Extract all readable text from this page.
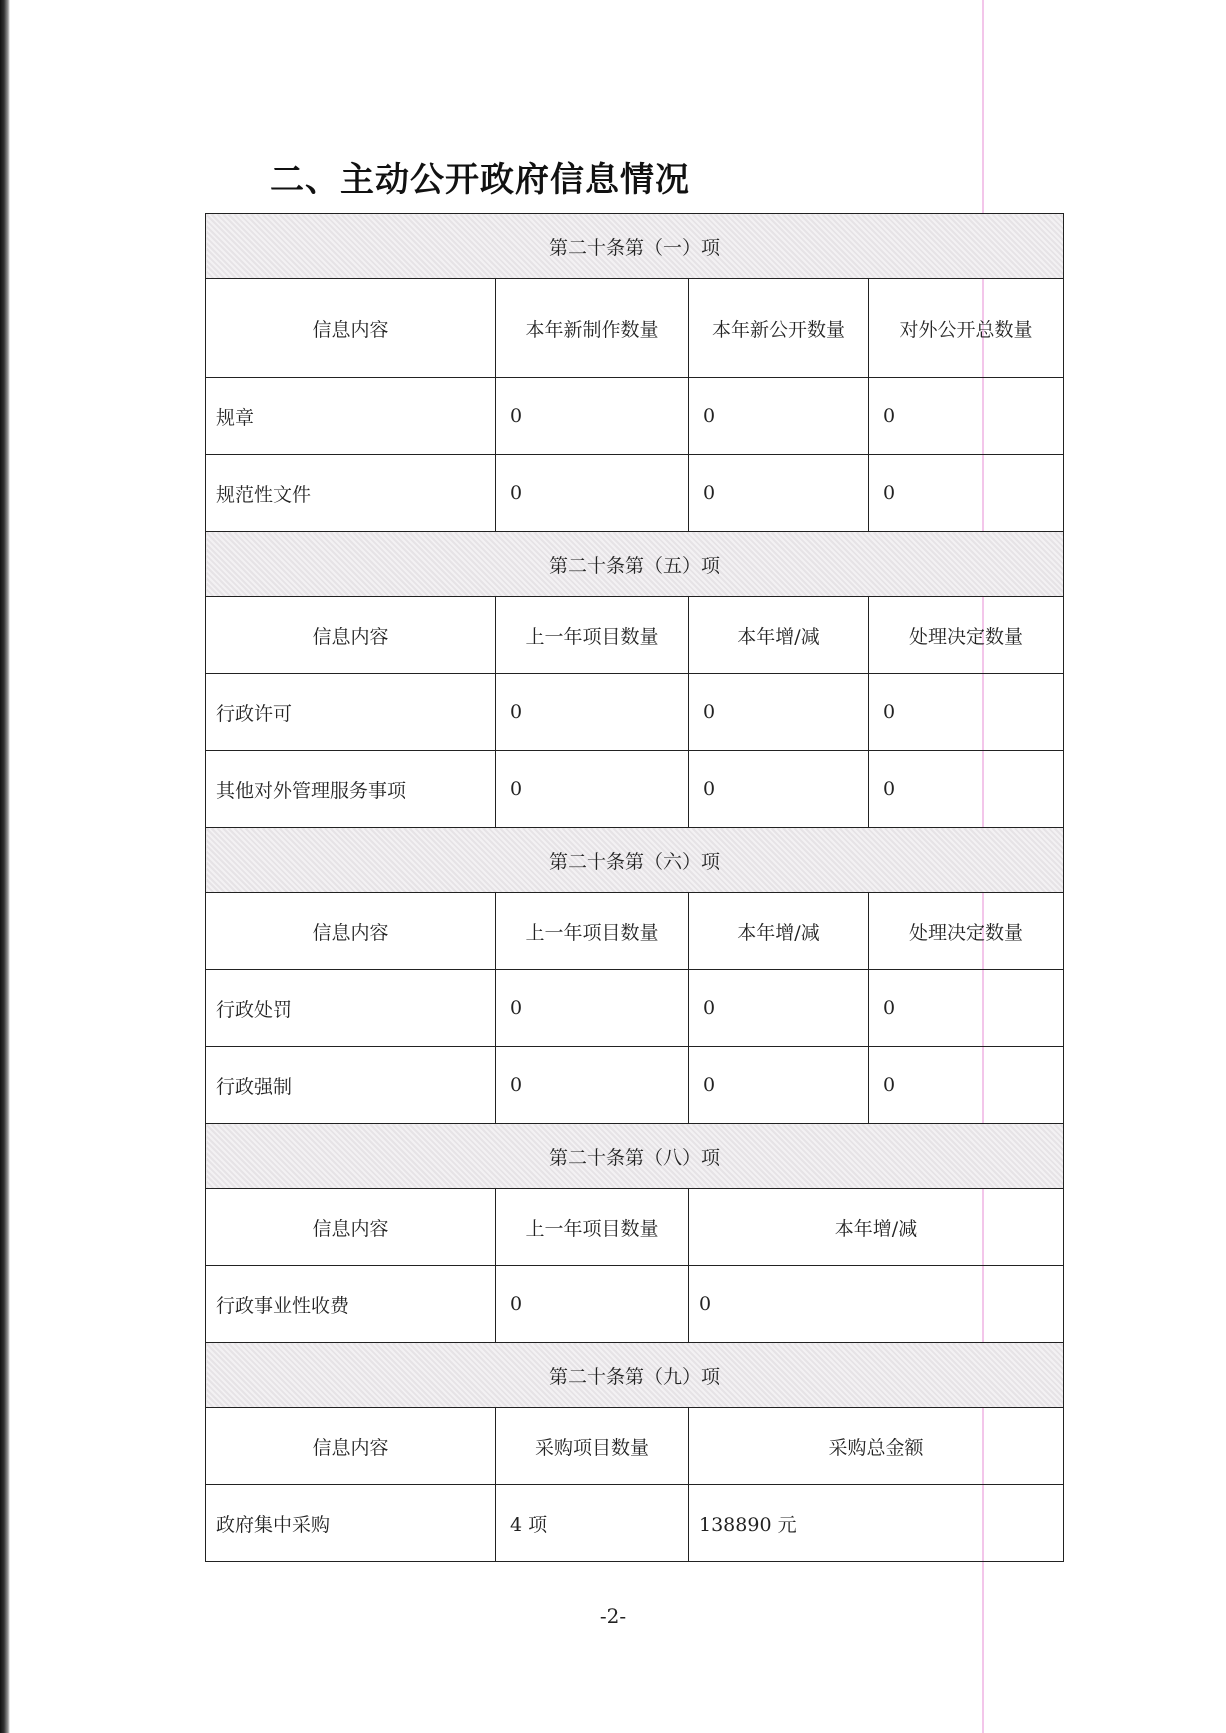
二、主动公开政府信息情况
第二十条第（一）项			
信息内容	本年新制作数量	本年新公开数量	对外公开总数量
规章	0	0	0
规范性文件	0	0	0
第二十条第（五）项			
信息内容	上一年项目数量	本年增/减	处理决定数量
行政许可	0	0	0
其他对外管理服务事项	0	0	0
第二十条第（六）项			
信息内容	上一年项目数量	本年增/减	处理决定数量
行政处罚	0	0	0
行政强制	0	0	0
第二十条第（八）项			
信息内容	上一年项目数量	本年增/减	
行政事业性收费	0	0	
第二十条第（九）项			
信息内容	采购项目数量	采购总金额	
政府集中采购	4 项	138890 元	
-2-
